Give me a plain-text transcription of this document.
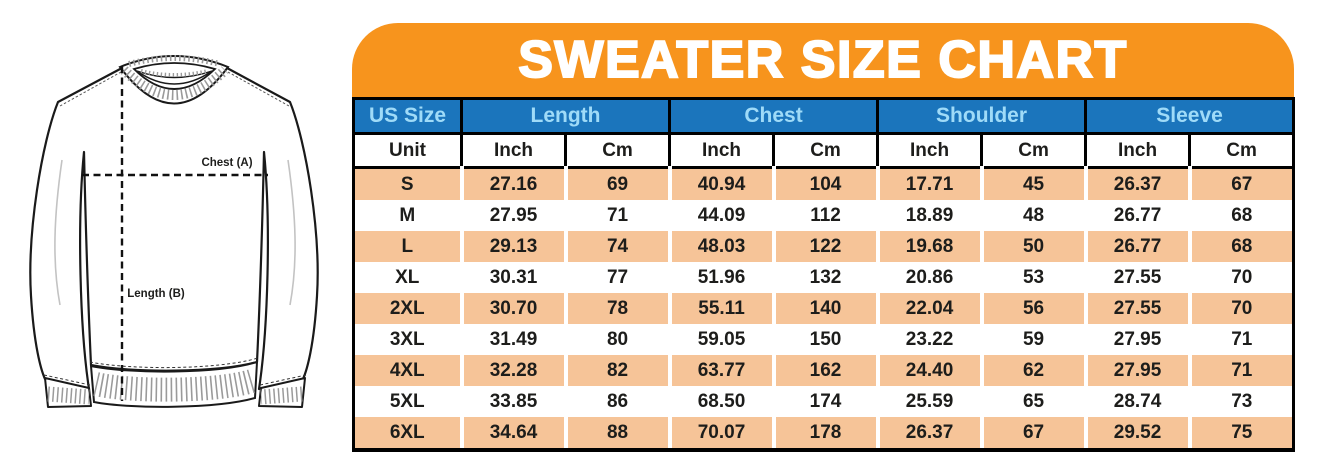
Chest (A)
Length (B)
SWEATER SIZE CHART
US Size	Length		Chest		Shoulder		Sleeve	
Unit	Inch	Cm	Inch	Cm	Inch	Cm	Inch	Cm
S	27.16	69	40.94	104	17.71	45	26.37	67
M	27.95	71	44.09	112	18.89	48	26.77	68
L	29.13	74	48.03	122	19.68	50	26.77	68
XL	30.31	77	51.96	132	20.86	53	27.55	70
2XL	30.70	78	55.11	140	22.04	56	27.55	70
3XL	31.49	80	59.05	150	23.22	59	27.95	71
4XL	32.28	82	63.77	162	24.40	62	27.95	71
5XL	33.85	86	68.50	174	25.59	65	28.74	73
6XL	34.64	88	70.07	178	26.37	67	29.52	75
